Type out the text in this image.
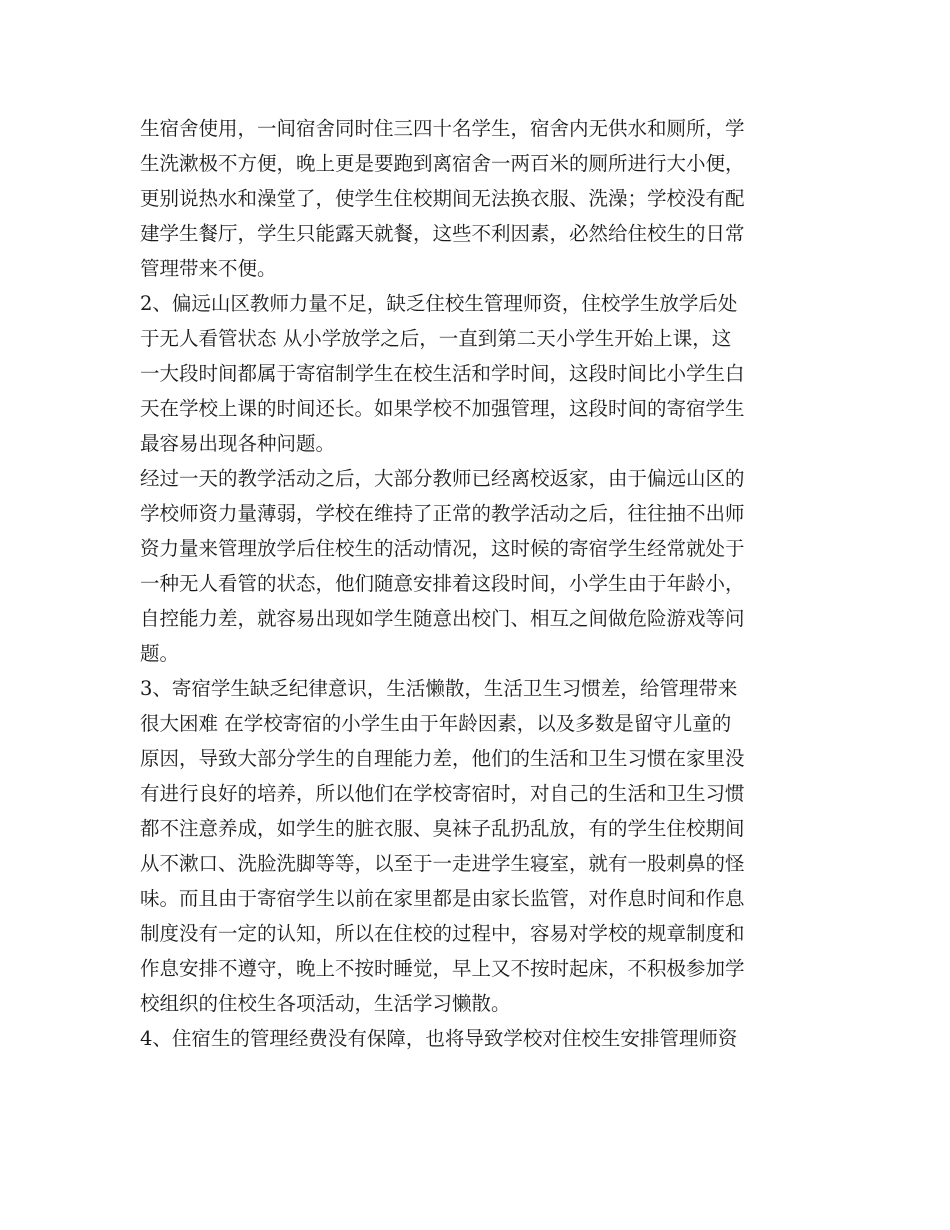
生宿舍使用，一间宿舍同时住三四十名学生，宿舍内无供水和厕所，学
生洗漱极不方便，晚上更是要跑到离宿舍一两百米的厕所进行大小便，
更别说热水和澡堂了，使学生住校期间无法换衣服、洗澡；学校没有配
建学生餐厅，学生只能露天就餐，这些不利因素，必然给住校生的日常
管理带来不便。
2、偏远山区教师力量不足，缺乏住校生管理师资，住校学生放学后处
于无人看管状态 从小学放学之后，一直到第二天小学生开始上课，这
一大段时间都属于寄宿制学生在校生活和学时间，这段时间比小学生白
天在学校上课的时间还长。如果学校不加强管理，这段时间的寄宿学生
最容易出现各种问题。
经过一天的教学活动之后，大部分教师已经离校返家，由于偏远山区的
学校师资力量薄弱，学校在维持了正常的教学活动之后，往往抽不出师
资力量来管理放学后住校生的活动情况，这时候的寄宿学生经常就处于
一种无人看管的状态，他们随意安排着这段时间，小学生由于年龄小，
自控能力差，就容易出现如学生随意出校门、相互之间做危险游戏等问
题。
3、寄宿学生缺乏纪律意识，生活懒散，生活卫生习惯差，给管理带来
很大困难 在学校寄宿的小学生由于年龄因素，以及多数是留守儿童的
原因，导致大部分学生的自理能力差，他们的生活和卫生习惯在家里没
有进行良好的培养，所以他们在学校寄宿时，对自己的生活和卫生习惯
都不注意养成，如学生的脏衣服、臭袜子乱扔乱放，有的学生住校期间
从不漱口、洗脸洗脚等等，以至于一走进学生寝室，就有一股刺鼻的怪
味。而且由于寄宿学生以前在家里都是由家长监管，对作息时间和作息
制度没有一定的认知，所以在住校的过程中，容易对学校的规章制度和
作息安排不遵守，晚上不按时睡觉，早上又不按时起床，不积极参加学
校组织的住校生各项活动，生活学习懒散。
4、住宿生的管理经费没有保障，也将导致学校对住校生安排管理师资
